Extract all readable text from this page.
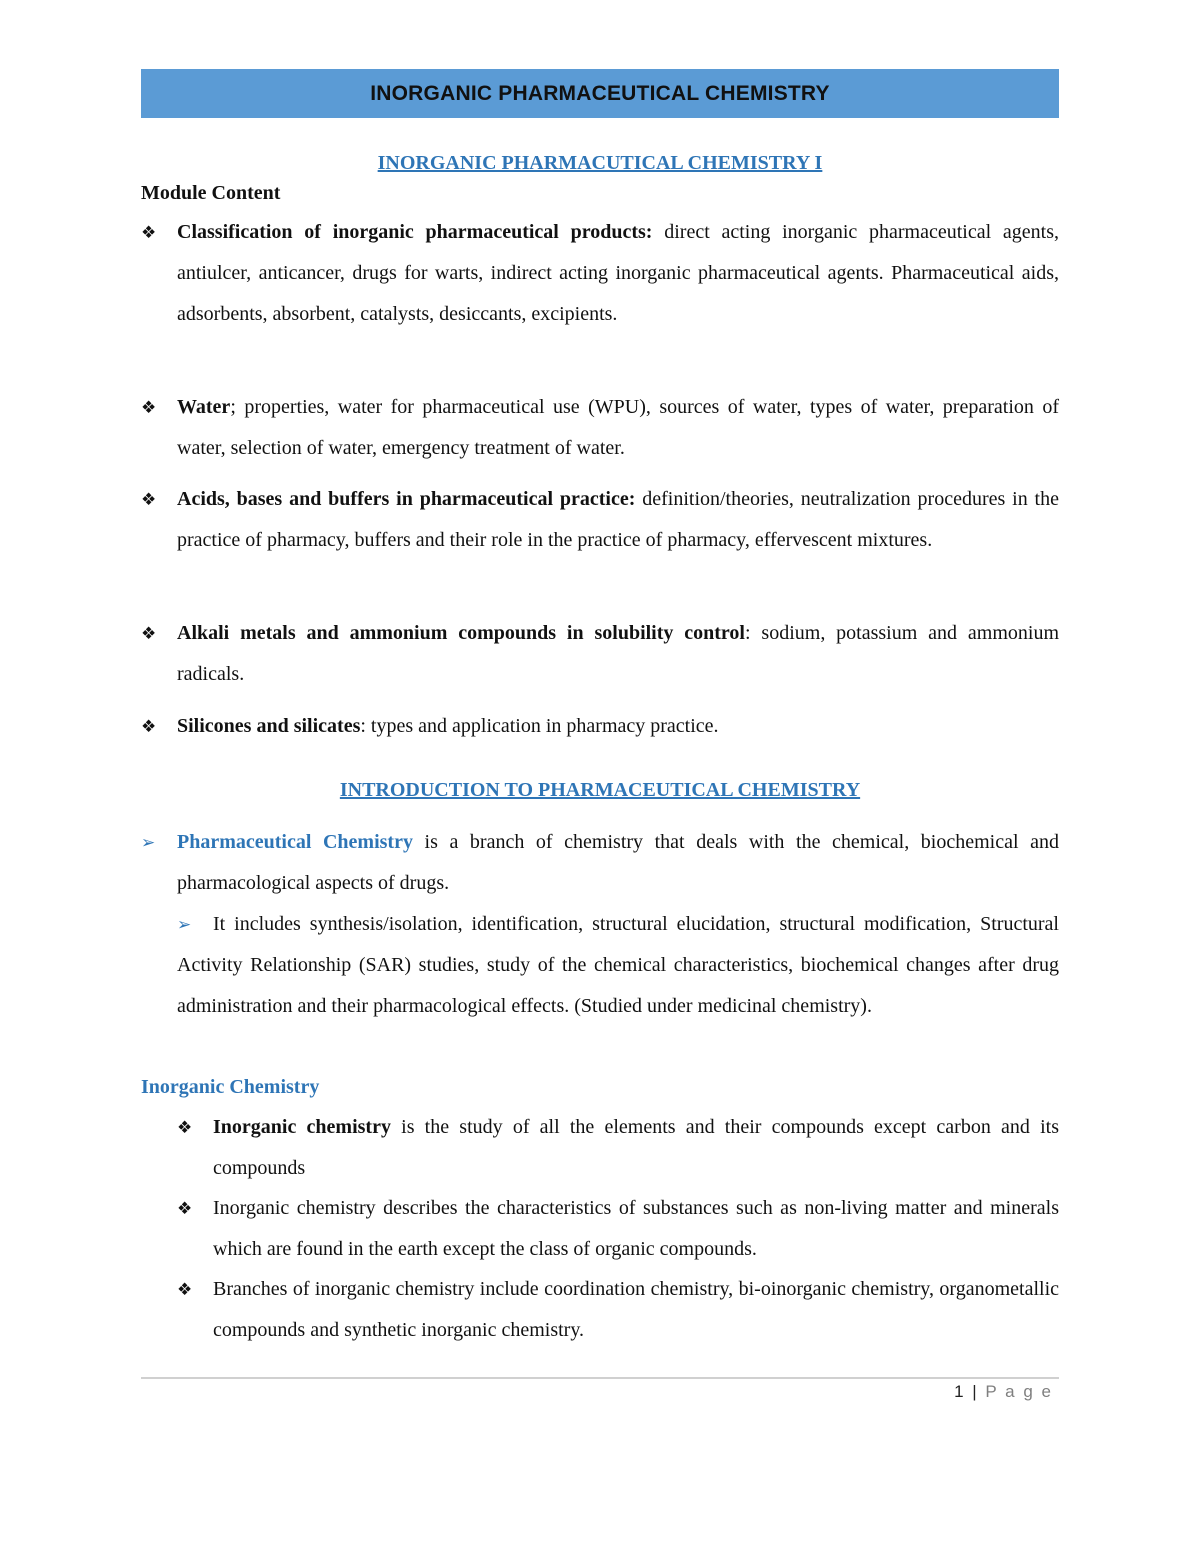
INORGANIC PHARMACEUTICAL CHEMISTRY
INORGANIC PHARMACUTICAL CHEMISTRY I
Module Content
❖	Classification of inorganic pharmaceutical products: direct acting inorganic pharmaceutical agents, antiulcer, anticancer, drugs for warts, indirect acting inorganic pharmaceutical agents. Pharmaceutical aids, adsorbents, absorbent, catalysts, desiccants, excipients.
❖	Water; properties, water for pharmaceutical use (WPU), sources of water, types of water, preparation of water, selection of water, emergency treatment of water.
❖	Acids, bases and buffers in pharmaceutical practice: definition/theories, neutralization procedures in the practice of pharmacy, buffers and their role in the practice of pharmacy, effervescent mixtures.
❖	Alkali metals and ammonium compounds in solubility control: sodium, potassium and ammonium radicals.
❖	Silicones and silicates: types and application in pharmacy practice.
INTRODUCTION TO PHARMACEUTICAL CHEMISTRY
➢	Pharmaceutical Chemistry is a branch of chemistry that deals with the chemical, biochemical and pharmacological aspects of drugs.
➢	It includes synthesis/isolation, identification, structural elucidation, structural modification, Structural Activity Relationship (SAR) studies, study of the chemical characteristics, biochemical changes after drug administration and their pharmacological effects. (Studied under medicinal chemistry).
Inorganic Chemistry
❖	Inorganic chemistry is the study of all the elements and their compounds except carbon and its compounds
❖	Inorganic chemistry describes the characteristics of substances such as non-living matter and minerals which are found in the earth except the class of organic compounds.
❖	Branches of inorganic chemistry include coordination chemistry, bi-oinorganic chemistry, organometallic compounds and synthetic inorganic chemistry.
1 | P a g e
